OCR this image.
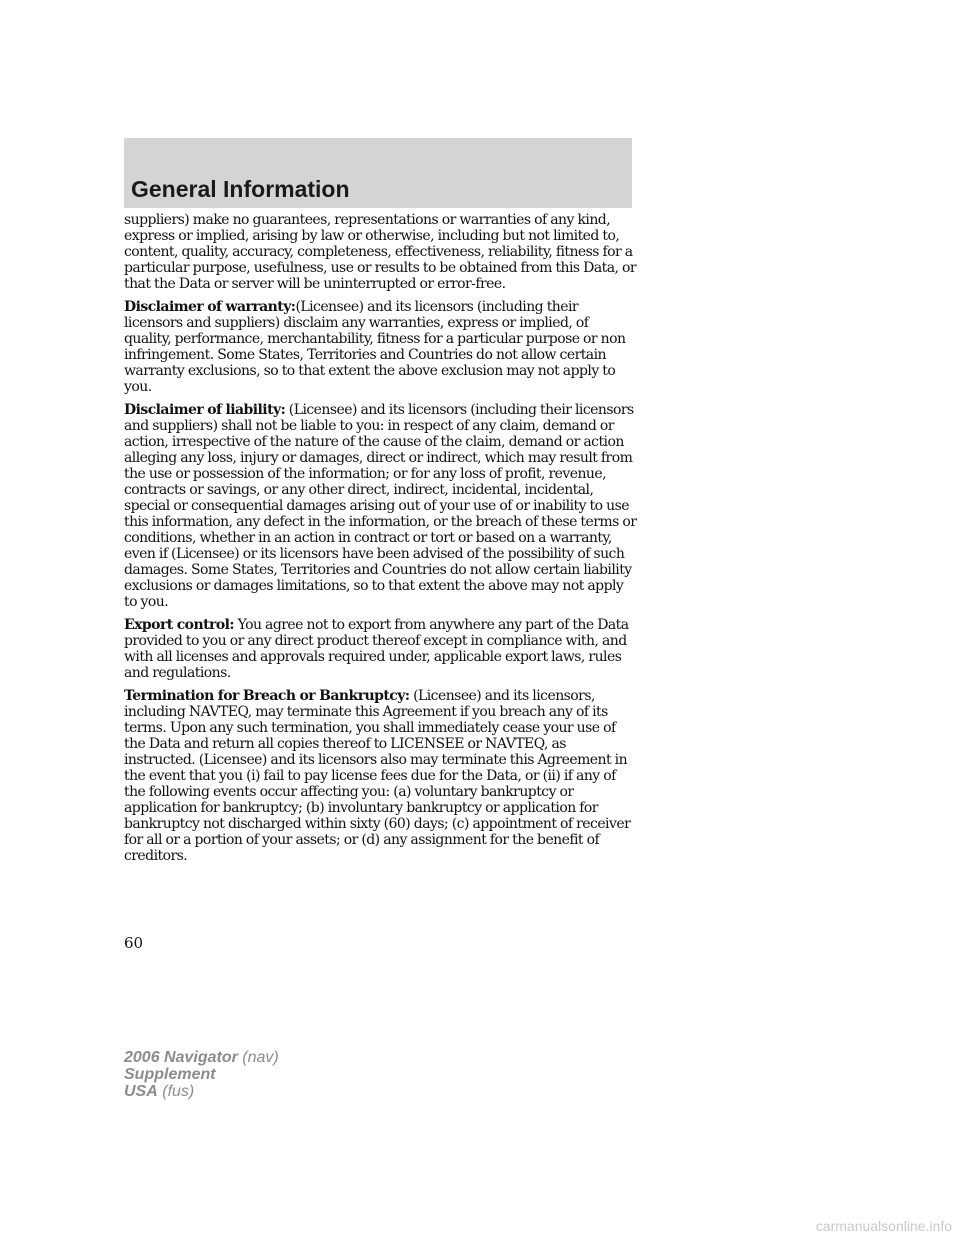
General Information

suppliers) make no guarantees, representations or warranties of any kind, express or implied, arising by law or otherwise, including but not limited to, content, quality, accuracy, completeness, effectiveness, reliability, fitness for a particular purpose, usefulness, use or results to be obtained from this Data, or that the Data or server will be uninterrupted or error-free.

Disclaimer of warranty:(Licensee) and its licensors (including their licensors and suppliers) disclaim any warranties, express or implied, of quality, performance, merchantability, fitness for a particular purpose or non infringement. Some States, Territories and Countries do not allow certain warranty exclusions, so to that extent the above exclusion may not apply to you.

Disclaimer of liability: (Licensee) and its licensors (including their licensors and suppliers) shall not be liable to you: in respect of any claim, demand or action, irrespective of the nature of the cause of the claim, demand or action alleging any loss, injury or damages, direct or indirect, which may result from the use or possession of the information; or for any loss of profit, revenue, contracts or savings, or any other direct, indirect, incidental, incidental, special or consequential damages arising out of your use of or inability to use this information, any defect in the information, or the breach of these terms or conditions, whether in an action in contract or tort or based on a warranty, even if (Licensee) or its licensors have been advised of the possibility of such damages. Some States, Territories and Countries do not allow certain liability exclusions or damages limitations, so to that extent the above may not apply to you.

Export control: You agree not to export from anywhere any part of the Data provided to you or any direct product thereof except in compliance with, and with all licenses and approvals required under, applicable export laws, rules and regulations.

Termination for Breach or Bankruptcy: (Licensee) and its licensors, including NAVTEQ, may terminate this Agreement if you breach any of its terms. Upon any such termination, you shall immediately cease your use of the Data and return all copies thereof to LICENSEE or NAVTEQ, as instructed. (Licensee) and its licensors also may terminate this Agreement in the event that you (i) fail to pay license fees due for the Data, or (ii) if any of the following events occur affecting you: (a) voluntary bankruptcy or application for bankruptcy; (b) involuntary bankruptcy or application for bankruptcy not discharged within sixty (60) days; (c) appointment of receiver for all or a portion of your assets; or (d) any assignment for the benefit of creditors.

60

2006 Navigator (nav)
Supplement
USA (fus)
carmanualsonline.info
